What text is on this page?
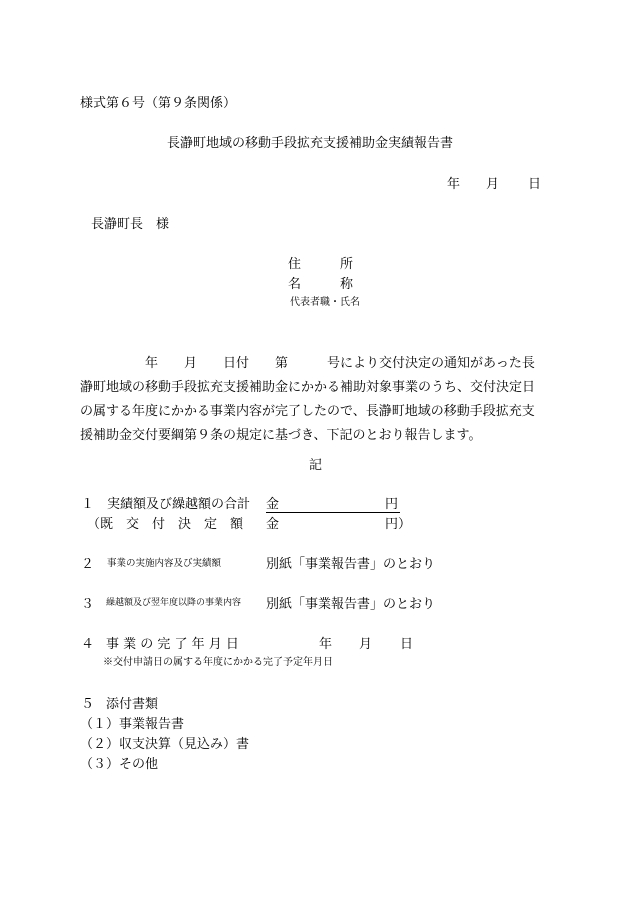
様式第６号（第９条関係）
長瀞町地域の移動手段拡充支援補助金実績報告書
年 月 日
長瀞町長　様
住　　　所
名　　　称
代表者職・氏名
　　　　　年　　月　　日付　　第　　　号により交付決定の通知があった長
瀞町地域の移動手段拡充支援補助金にかかる補助対象事業のうち、交付決定日
の属する年度にかかる事業内容が完了したので、長瀞町地域の移動手段拡充支
援補助金交付要綱第９条の規定に基づき、下記のとおり報告します。
記
１ 実績額及び繰越額の合計 金	円
（既　交　付　決　定　額 金	円）
２ 事業の実施内容及び実績額	別紙「事業報告書」のとおり
３ 繰越額及び翌年度以降の事業内容 別紙「事業報告書」のとおり
４ 事 業 の 完 了 年 月 日	年 月 日
※交付申請日の属する年度にかかる完了予定年月日
５ 添付書類
（１）事業報告書
（２）収支決算（見込み）書
（３）その他
